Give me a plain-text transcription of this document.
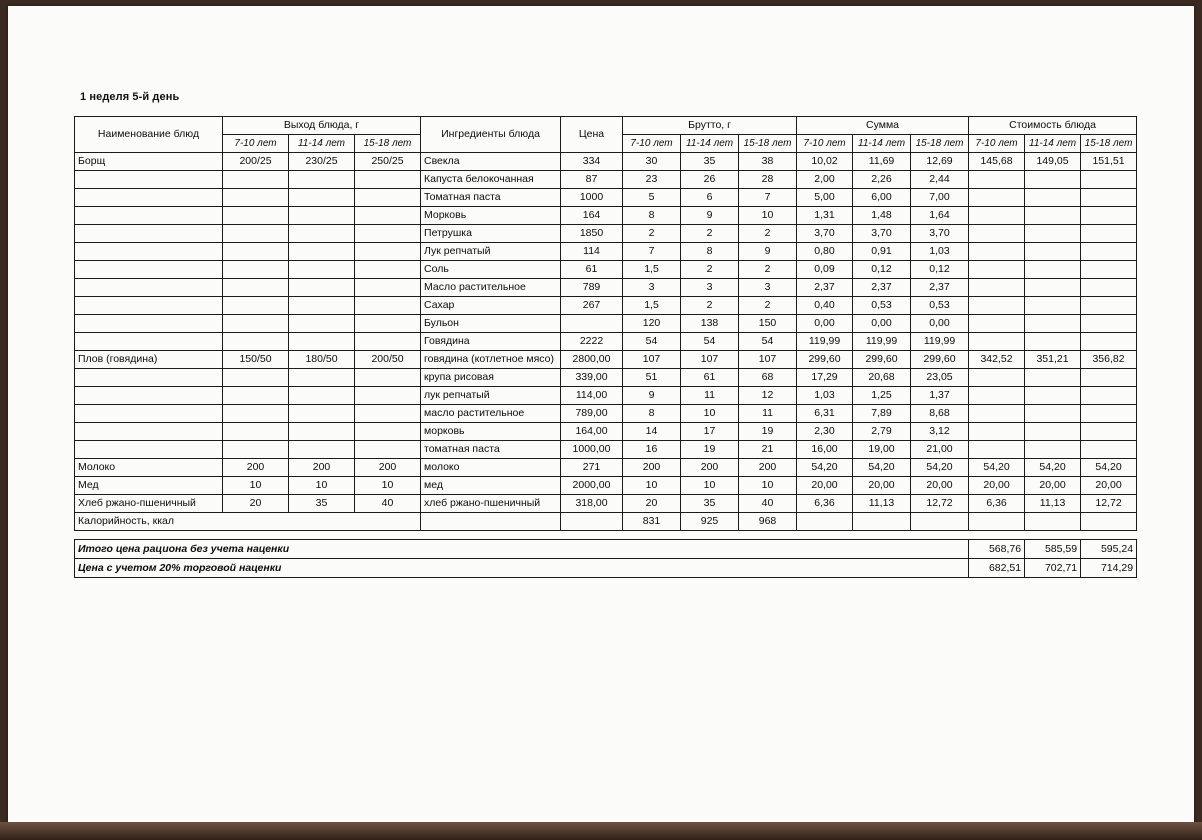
1 неделя 5-й день
Наименование блюд	Выход блюда, г			Ингредиенты блюда	Цена	Брутто, г			Сумма			Стоимость блюда		
	7-10 лет	11-14 лет	15-18 лет			7-10 лет	11-14 лет	15-18 лет	7-10 лет	11-14 лет	15-18 лет	7-10 лет	11-14 лет	15-18 лет
Борщ	200/25	230/25	250/25	Свекла	334	30	35	38	10,02	11,69	12,69	145,68	149,05	151,51
				Капуста белокочанная	87	23	26	28	2,00	2,26	2,44			
				Томатная паста	1000	5	6	7	5,00	6,00	7,00			
				Морковь	164	8	9	10	1,31	1,48	1,64			
				Петрушка	1850	2	2	2	3,70	3,70	3,70			
				Лук репчатый	114	7	8	9	0,80	0,91	1,03			
				Соль	61	1,5	2	2	0,09	0,12	0,12			
				Масло растительное	789	3	3	3	2,37	2,37	2,37			
				Сахар	267	1,5	2	2	0,40	0,53	0,53			
				Бульон		120	138	150	0,00	0,00	0,00			
				Говядина	2222	54	54	54	119,99	119,99	119,99			
Плов (говядина)	150/50	180/50	200/50	говядина (котлетное мясо)	2800,00	107	107	107	299,60	299,60	299,60	342,52	351,21	356,82
				крупа рисовая	339,00	51	61	68	17,29	20,68	23,05			
				лук репчатый	114,00	9	11	12	1,03	1,25	1,37			
				масло растительное	789,00	8	10	11	6,31	7,89	8,68			
				морковь	164,00	14	17	19	2,30	2,79	3,12			
				томатная паста	1000,00	16	19	21	16,00	19,00	21,00			
Молоко	200	200	200	молоко	271	200	200	200	54,20	54,20	54,20	54,20	54,20	54,20
Мед	10	10	10	мед	2000,00	10	10	10	20,00	20,00	20,00	20,00	20,00	20,00
Хлеб ржано-пшеничный	20	35	40	хлеб ржано-пшеничный	318,00	20	35	40	6,36	11,13	12,72	6,36	11,13	12,72
Калорийность, ккал						831	925	968						
Итого цена рациона без учета наценки	568,76	585,59	595,24
Цена с учетом 20% торговой наценки	682,51	702,71	714,29
